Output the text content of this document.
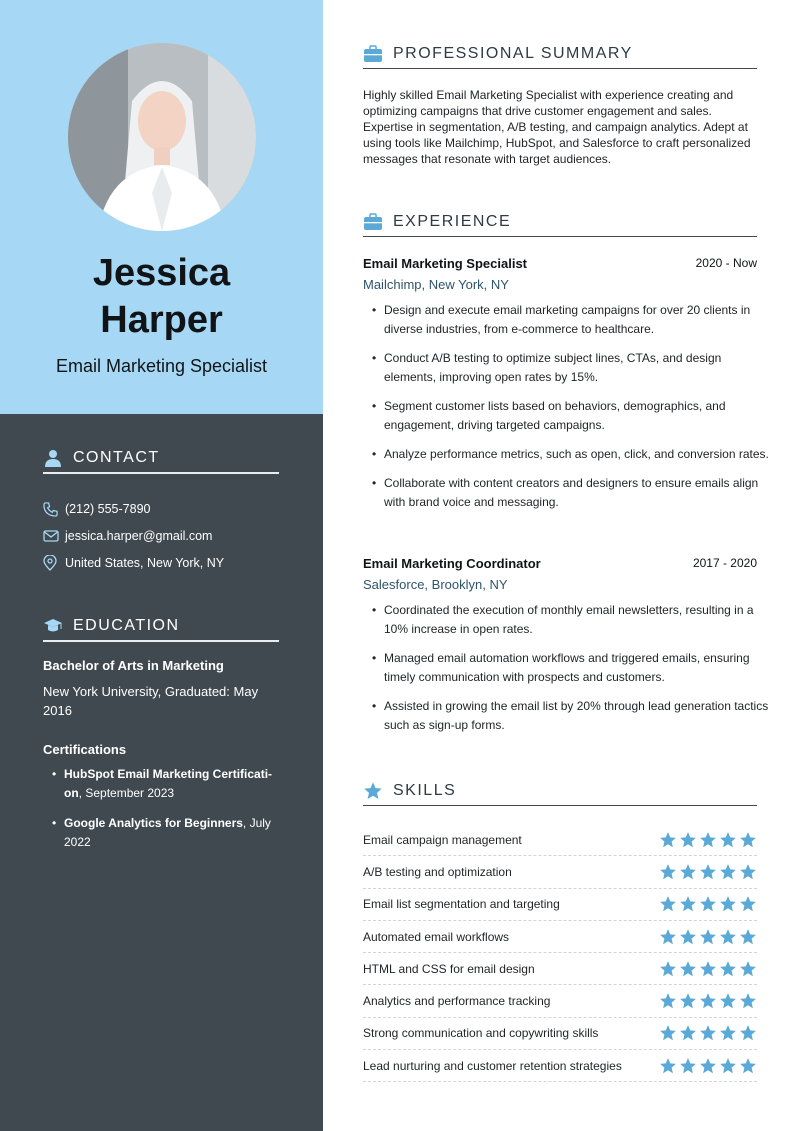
Jessica
Harper
Email Marketing Specialist
CONTACT
(212) 555-7890
jessica.harper@gmail.com
United States, New York, NY
EDUCATION
Bachelor of Arts in Marketing
New York University, Graduated: May 2016
Certifications
• HubSpot Email Marketing Certificati-on, September 2023
• Google Analytics for Beginners, July 2022
PROFESSIONAL SUMMARY

Highly skilled Email Marketing Specialist with experience creating and optimizing campaigns that drive customer engagement and sales. Expertise in segmentation, A/B testing, and campaign analytics. Adept at using tools like Mailchimp, HubSpot, and Salesforce to craft personalized messages that resonate with target audiences.

EXPERIENCE
Email Marketing Specialist	2020 - Now
Mailchimp, New York, NY
• Design and execute email marketing campaigns for over 20 clients in diverse industries, from e-commerce to healthcare.
• Conduct A/B testing to optimize subject lines, CTAs, and design elements, improving open rates by 15%.
• Segment customer lists based on behaviors, demographics, and engagement, driving targeted campaigns.
• Analyze performance metrics, such as open, click, and conversion rates.
• Collaborate with content creators and designers to ensure emails align with brand voice and messaging.
Email Marketing Coordinator	2017 - 2020
Salesforce, Brooklyn, NY
• Coordinated the execution of monthly email newsletters, resulting in a 10% increase in open rates.
• Managed email automation workflows and triggered emails, ensuring timely communication with prospects and customers.
• Assisted in growing the email list by 20% through lead generation tactics such as sign-up forms.
SKILLS
Email campaign management
A/B testing and optimization
Email list segmentation and targeting
Automated email workflows
HTML and CSS for email design
Analytics and performance tracking
Strong communication and copywriting skills
Lead nurturing and customer retention strategies
